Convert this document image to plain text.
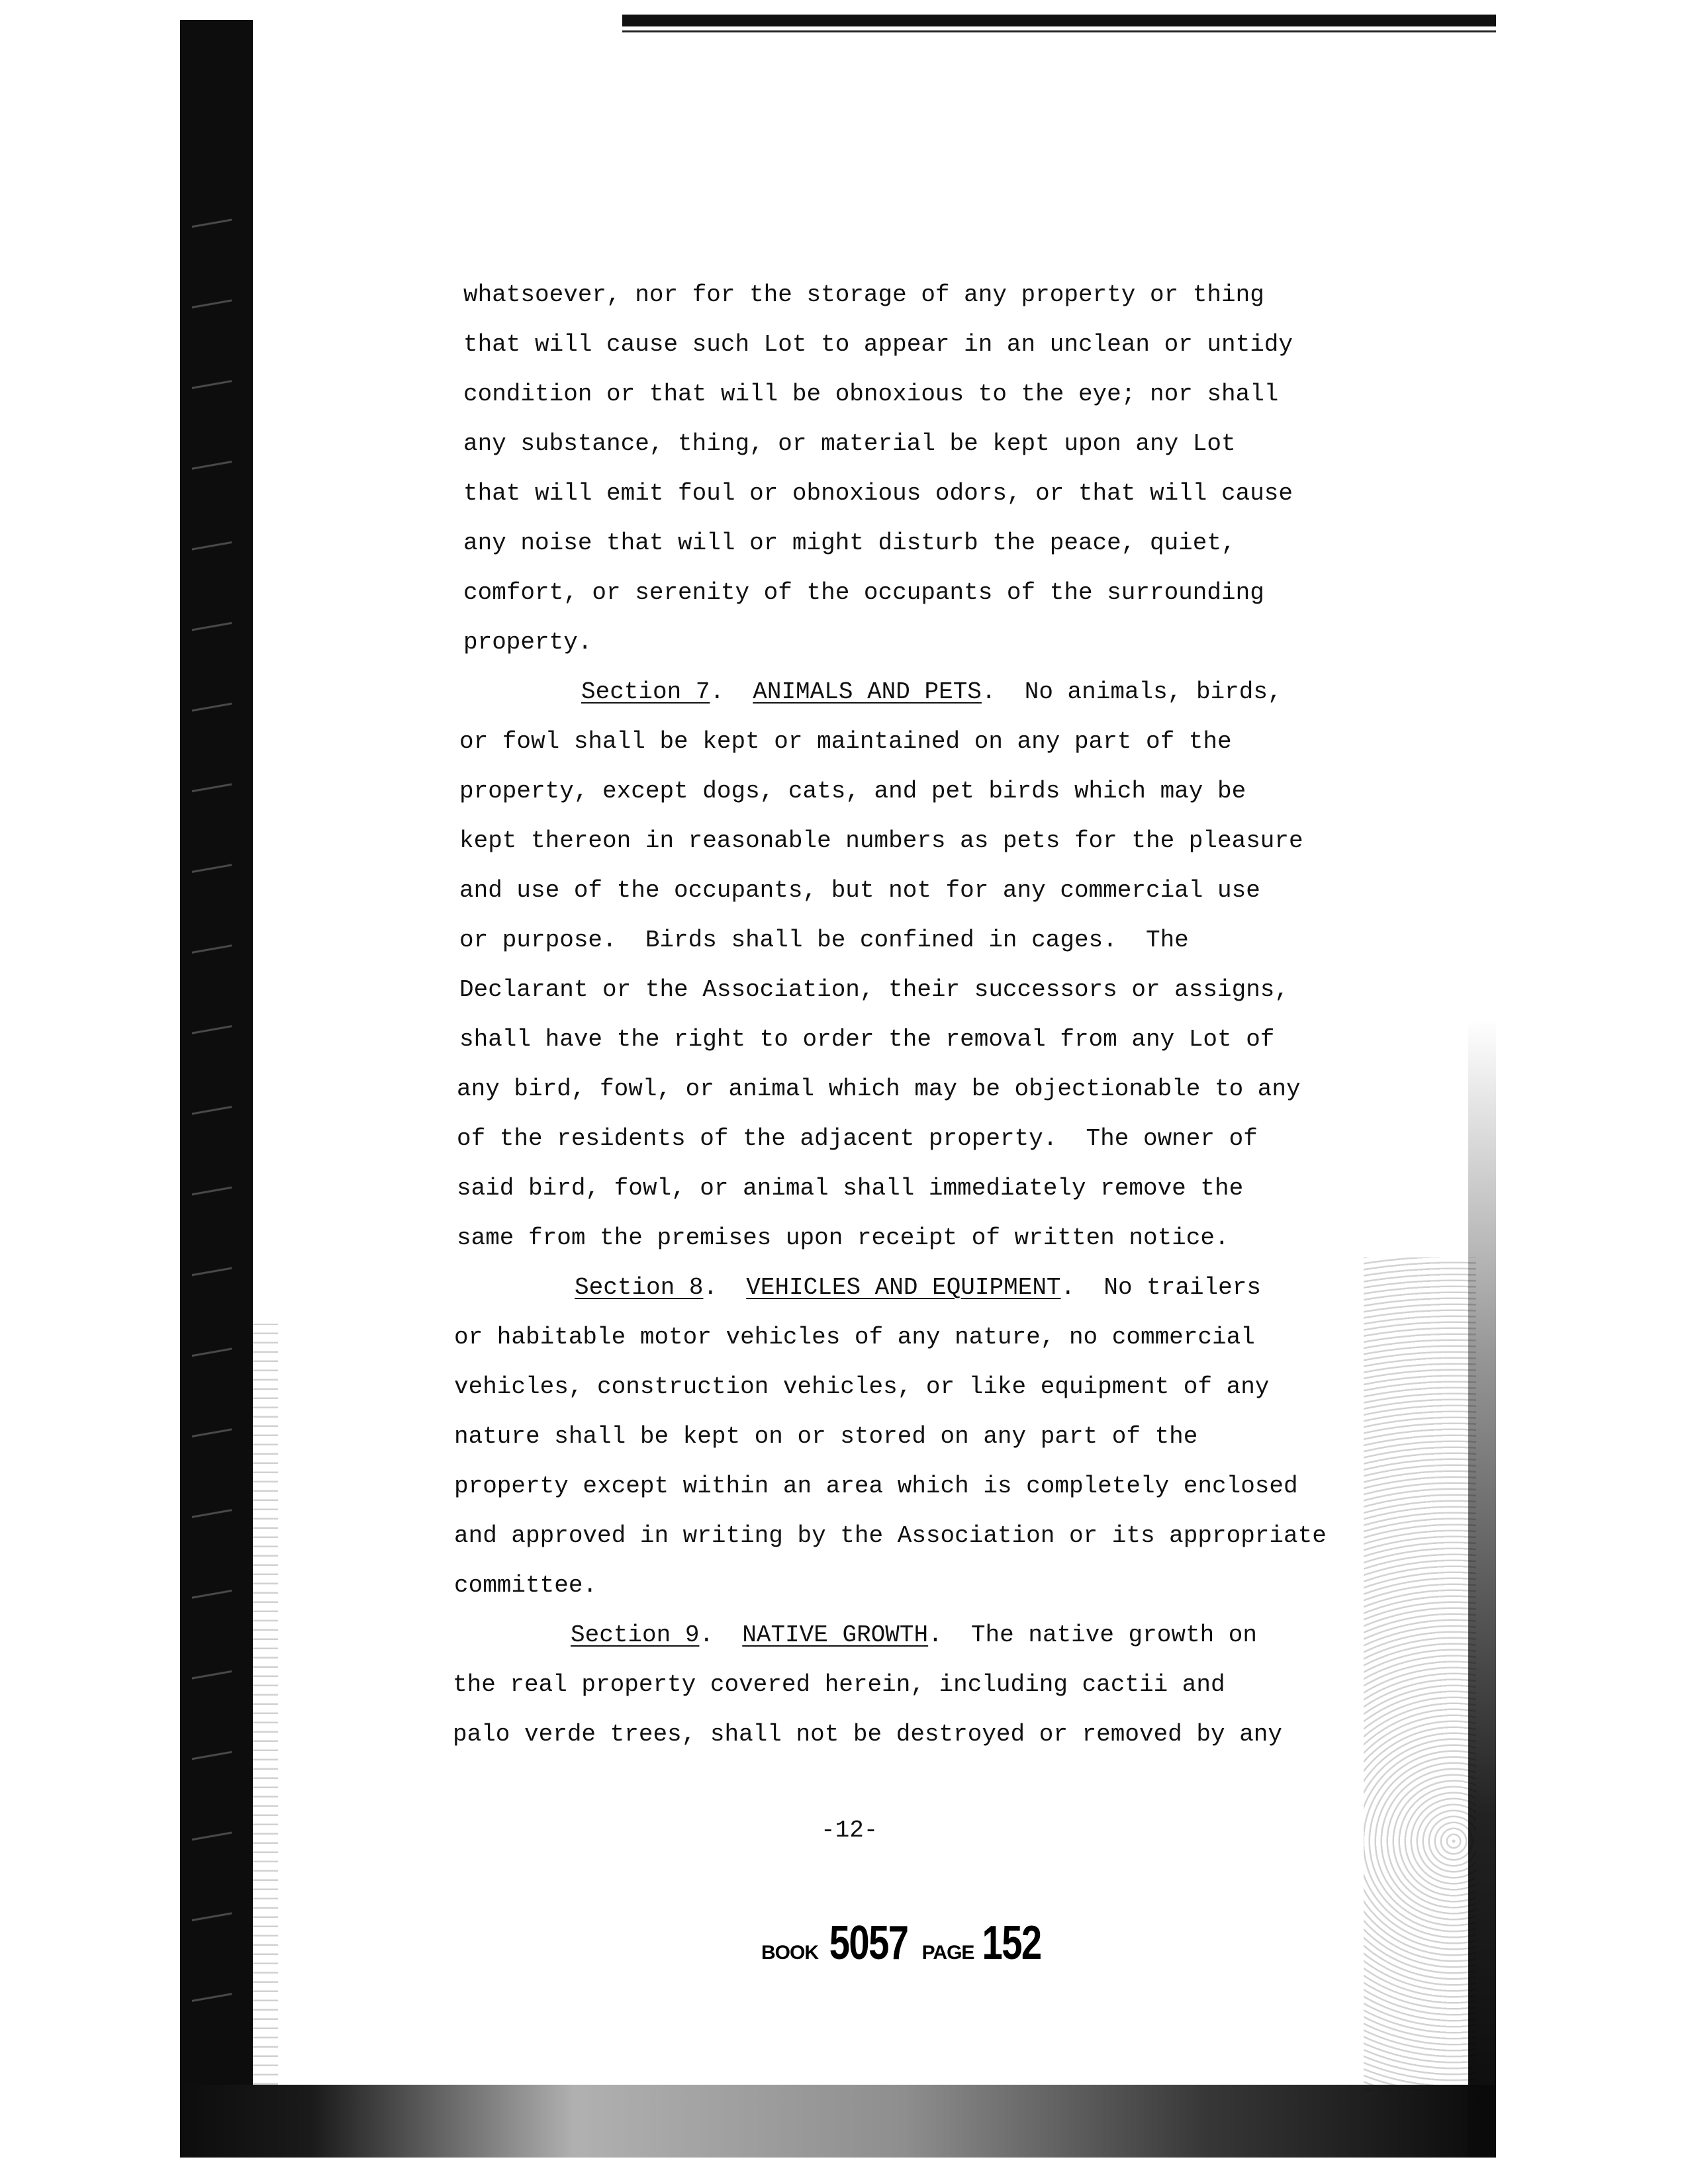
whatsoever, nor for the storage of any property or thing
that will cause such Lot to appear in an unclean or untidy
condition or that will be obnoxious to the eye; nor shall
any substance, thing, or material be kept upon any Lot
that will emit foul or obnoxious odors, or that will cause
any noise that will or might disturb the peace, quiet,
comfort, or serenity of the occupants of the surrounding
property.
Section 7.  ANIMALS AND PETS.  No animals, birds,
or fowl shall be kept or maintained on any part of the
property, except dogs, cats, and pet birds which may be
kept thereon in reasonable numbers as pets for the pleasure
and use of the occupants, but not for any commercial use
or purpose.  Birds shall be confined in cages.  The
Declarant or the Association, their successors or assigns,
shall have the right to order the removal from any Lot of
any bird, fowl, or animal which may be objectionable to any
of the residents of the adjacent property.  The owner of
said bird, fowl, or animal shall immediately remove the
same from the premises upon receipt of written notice.
Section 8.  VEHICLES AND EQUIPMENT.  No trailers
or habitable motor vehicles of any nature, no commercial
vehicles, construction vehicles, or like equipment of any
nature shall be kept on or stored on any part of the
property except within an area which is completely enclosed
and approved in writing by the Association or its appropriate
committee.
Section 9.  NATIVE GROWTH.  The native growth on
the real property covered herein, including cactii and
palo verde trees, shall not be destroyed or removed by any
-12-
BOOK 5057 PAGE 152
